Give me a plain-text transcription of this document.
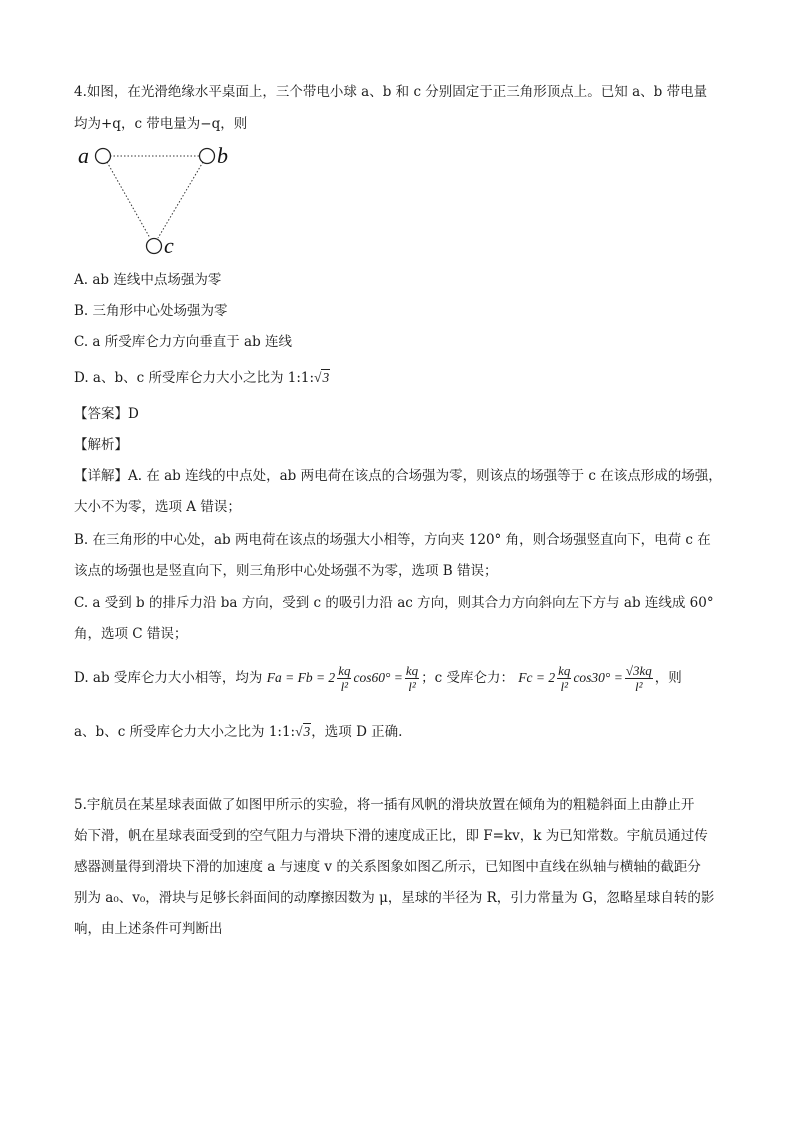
4.如图，在光滑绝缘水平桌面上，三个带电小球 a、b 和 c 分别固定于正三角形顶点上。已知 a、b 带电量
均为+q，c 带电量为−q，则
a	b
c
A. ab 连线中点场强为零
B. 三角形中心处场强为零
C. a 所受库仑力方向垂直于 ab 连线
D. a、b、c 所受库仑力大小之比为 1:1:√3
【答案】D
【解析】
【详解】A. 在 ab 连线的中点处，ab 两电荷在该点的合场强为零，则该点的场强等于 c 在该点形成的场强，
大小不为零，选项 A 错误；
B. 在三角形的中心处，ab 两电荷在该点的场强大小相等，方向夹 120° 角，则合场强竖直向下，电荷 c 在
该点的场强也是竖直向下，则三角形中心处场强不为零，选项 B 错误；
C. a 受到 b 的排斥力沿 ba 方向，受到 c 的吸引力沿 ac 方向，则其合力方向斜向左下方与 ab 连线成 60°
角，选项 C 错误；
D. ab 受库仑力大小相等，均为 $Fa = Fb = 2 \frac{kq}{\text{l²}} \cos 60^\circ = \frac{kq}{\text{l²}}$ ；c 受库仑力： $Fc = 2 \frac{kq}{\text{l²}} \cos 30^\circ = \frac{√3kq}{\text{l²}}$ ，则
a、b、c 所受库仑力大小之比为 1:1:√3，选项 D 正确.
5.宇航员在某星球表面做了如图甲所示的实验，将一插有风帆的滑块放置在倾角为的粗糙斜面上由静止开
始下滑，帆在星球表面受到的空气阻力与滑块下滑的速度成正比，即 F=kv，k 为已知常数。宇航员通过传
感器测量得到滑块下滑的加速度 a 与速度 v 的关系图象如图乙所示，已知图中直线在纵轴与横轴的截距分
别为 a₀、v₀，滑块与足够长斜面间的动摩擦因数为 μ，星球的半径为 R，引力常量为 G，忽略星球自转的影
响，由上述条件可判断出
